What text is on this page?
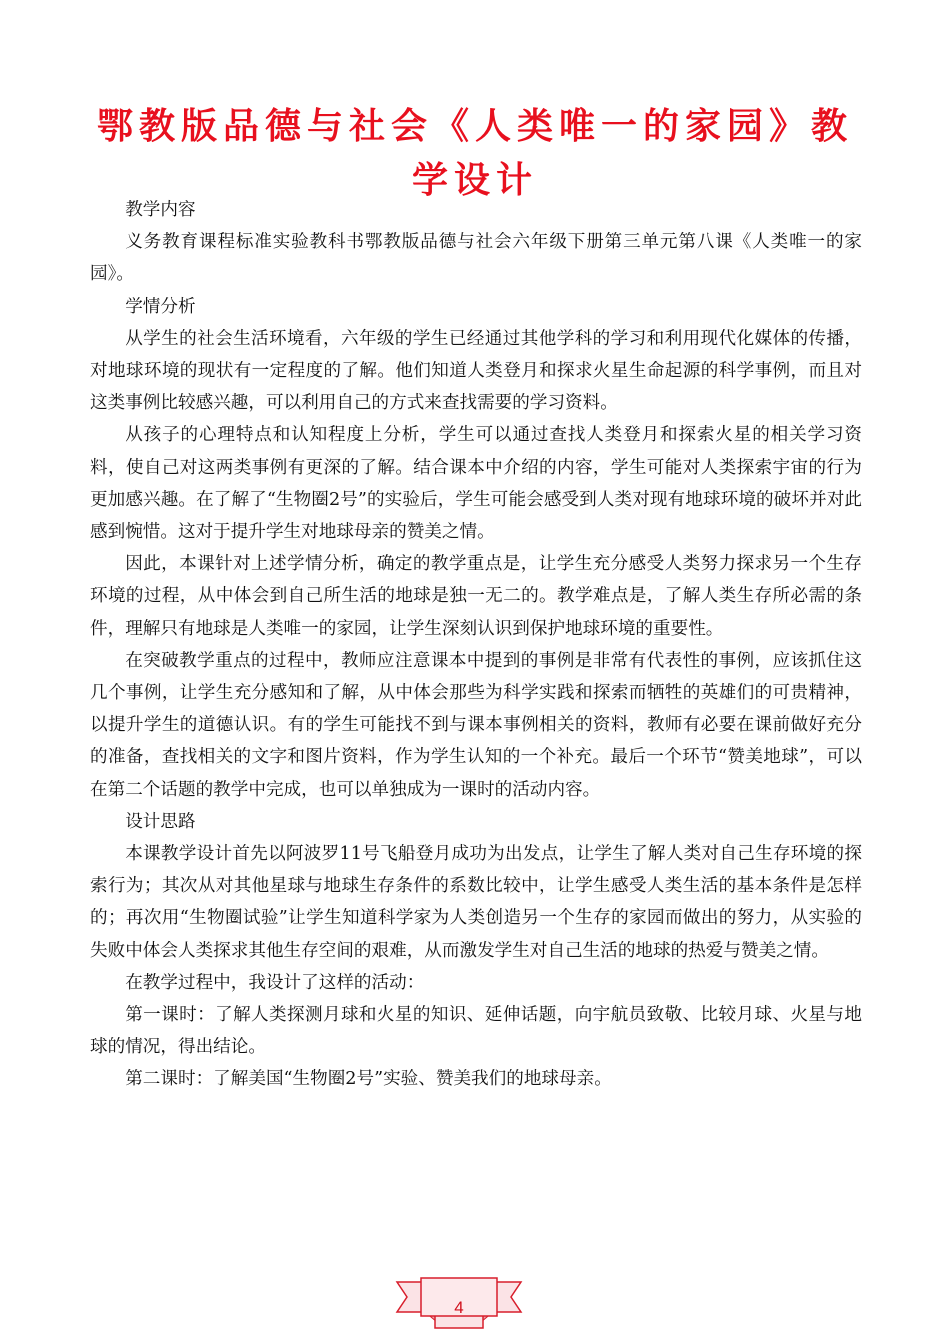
鄂教版品德与社会《人类唯一的家园》教学设计

教学内容

义务教育课程标准实验教科书鄂教版品德与社会六年级下册第三单元第八课《人类唯一的家园》。

学情分析

从学生的社会生活环境看，六年级的学生已经通过其他学科的学习和利用现代化媒体的传播，对地球环境的现状有一定程度的了解。他们知道人类登月和探求火星生命起源的科学事例，而且对这类事例比较感兴趣，可以利用自己的方式来查找需要的学习资料。

从孩子的心理特点和认知程度上分析，学生可以通过查找人类登月和探索火星的相关学习资料，使自己对这两类事例有更深的了解。结合课本中介绍的内容，学生可能对人类探索宇宙的行为更加感兴趣。在了解了“生物圈2号”的实验后，学生可能会感受到人类对现有地球环境的破坏并对此感到惋惜。这对于提升学生对地球母亲的赞美之情。

因此，本课针对上述学情分析，确定的教学重点是，让学生充分感受人类努力探求另一个生存环境的过程，从中体会到自己所生活的地球是独一无二的。教学难点是，了解人类生存所必需的条件，理解只有地球是人类唯一的家园，让学生深刻认识到保护地球环境的重要性。

在突破教学重点的过程中，教师应注意课本中提到的事例是非常有代表性的事例，应该抓住这几个事例，让学生充分感知和了解，从中体会那些为科学实践和探索而牺牲的英雄们的可贵精神，以提升学生的道德认识。有的学生可能找不到与课本事例相关的资料，教师有必要在课前做好充分的准备，查找相关的文字和图片资料，作为学生认知的一个补充。最后一个环节“赞美地球”，可以在第二个话题的教学中完成，也可以单独成为一课时的活动内容。

设计思路

本课教学设计首先以阿波罗11号飞船登月成功为出发点，让学生了解人类对自己生存环境的探索行为；其次从对其他星球与地球生存条件的系数比较中，让学生感受人类生活的基本条件是怎样的；再次用“生物圈试验”让学生知道科学家为人类创造另一个生存的家园而做出的努力，从实验的失败中体会人类探求其他生存空间的艰难，从而激发学生对自己生活的地球的热爱与赞美之情。

在教学过程中，我设计了这样的活动：

第一课时：了解人类探测月球和火星的知识、延伸话题，向宇航员致敬、比较月球、火星与地球的情况，得出结论。

第二课时：了解美国“生物圈2号”实验、赞美我们的地球母亲。

4
